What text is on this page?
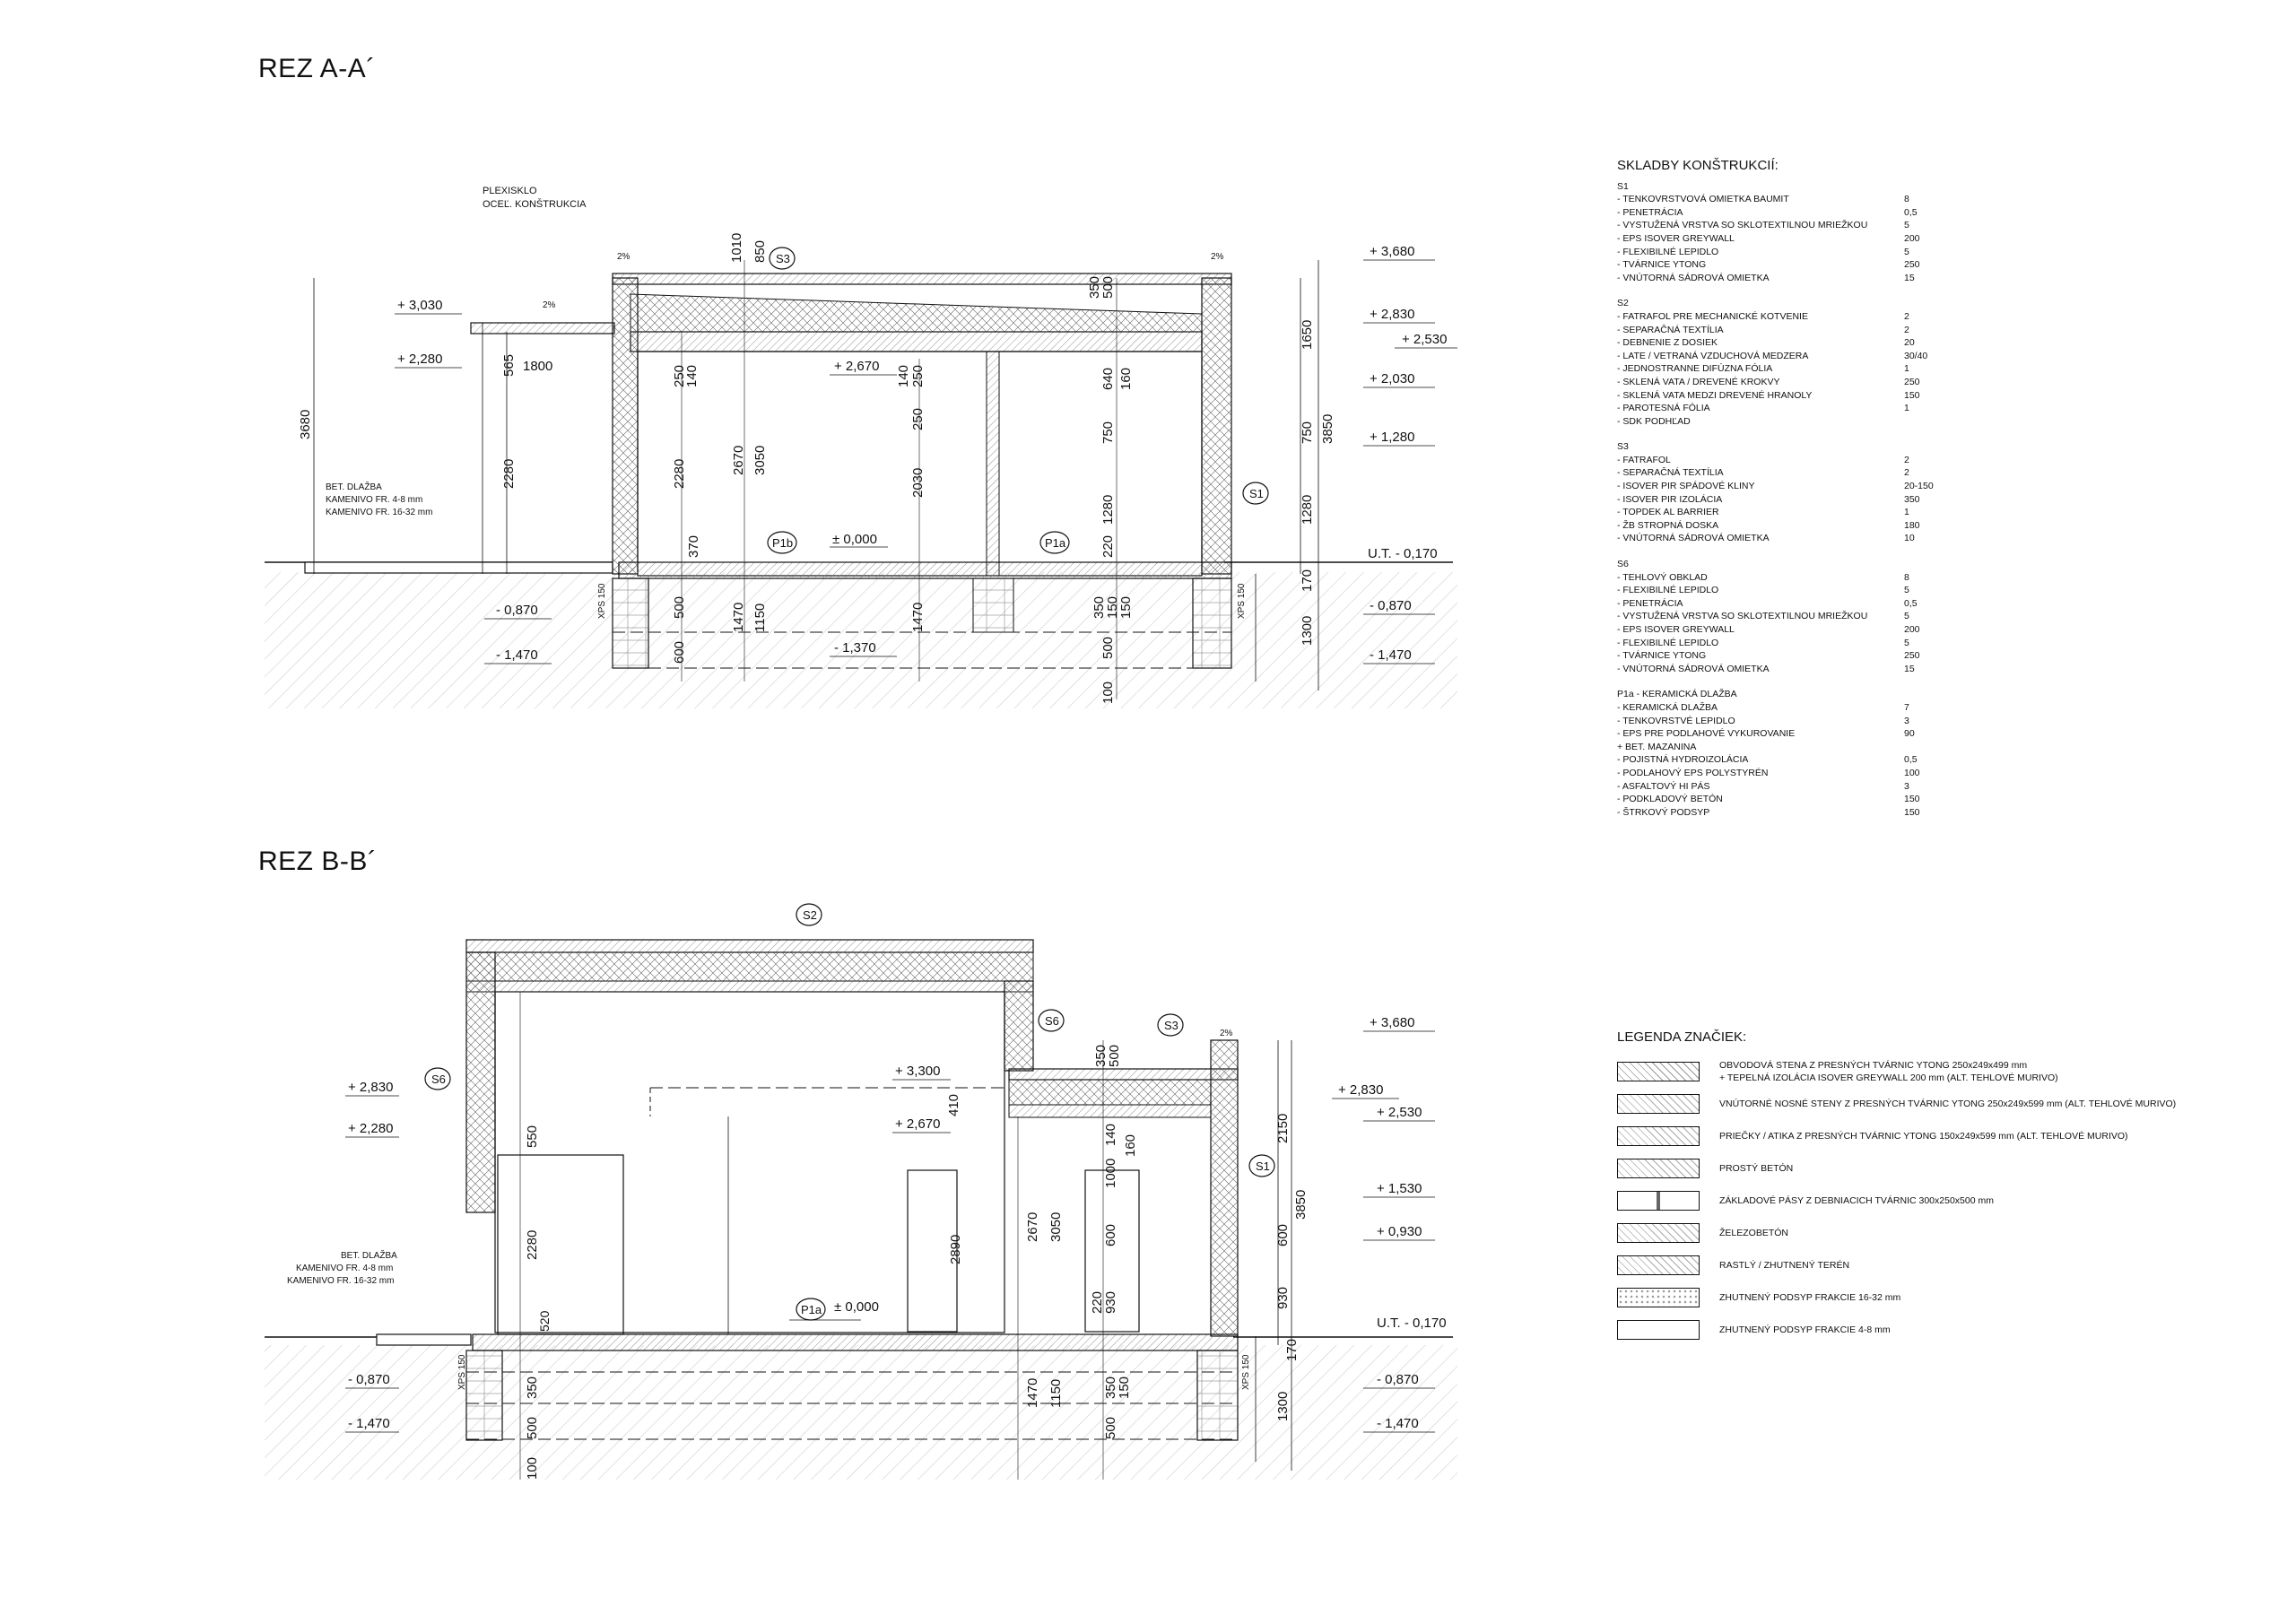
REZ A-A´
REZ B-B´
PLEXISKLO
OCEĽ. KONŠTRUKCIA
BET. DLAŽBA
KAMENIVO FR. 4-8 mm
KAMENIVO FR. 16-32 mm
U.T. - 0,170
± 0,000
S3
S1
P1b	P1a
2%
2%
2%
+ 3,030
+ 2,280
- 0,870
- 1,470
+ 3,680
+ 2,830
+ 2,530
+ 2,030
+ 1,280
- 0,870
- 1,470
+ 2,670
- 1,370
1800
3680
565
2280
1010 850
350
500
250
140
2280	2670 3050
140 250
250
2030
640 160
750
1280
220
370
500	1470 1150
600
1470	350
150
150
500
100
1650
750 3850
1280
170
1300
XPS 150	XPS 150
BET. DLAŽBA
KAMENIVO FR. 4-8 mm
KAMENIVO FR. 16-32 mm
U.T. - 0,170
± 0,000
S2
S6
S6	S3
S1
P1a
2%
+ 2,830
+ 2,280
- 0,870
- 1,470
+ 3,680
+ 2,830
+ 2,530
+ 1,530
+ 0,930
- 0,870
- 1,470
+ 3,300
+ 2,670
350
500
410
550
2280
520
350
500
100
2890
2670 3050
1470 1150
140 160
1000
600
220
930
350
150
500
2150
3850
600
930
170
1300
XPS 150	XPS 150
SKLADBY KONŠTRUKCIÍ:
S1
- TENKOVRSTVOVÁ OMIETKA BAUMIT	8
- PENETRÁCIA	0,5
- VYSTUŽENÁ VRSTVA SO SKLOTEXTILNOU MRIEŽKOU	5
- EPS ISOVER GREYWALL	200
- FLEXIBILNÉ LEPIDLO	5
- TVÁRNICE YTONG	250
- VNÚTORNÁ SÁDROVÁ OMIETKA	15
S2
- FATRAFOL PRE MECHANICKÉ KOTVENIE	2
- SEPARAČNÁ TEXTÍLIA	2
- DEBNENIE Z DOSIEK	20
- LATE / VETRANÁ VZDUCHOVÁ MEDZERA	30/40
- JEDNOSTRANNE DIFÚZNA FÓLIA	1
- SKLENÁ VATA / DREVENÉ KROKVY	250
- SKLENÁ VATA MEDZI DREVENÉ HRANOLY	150
- PAROTESNÁ FÓLIA	1
- SDK PODHĽAD
S3
- FATRAFOL	2
- SEPARAČNÁ TEXTÍLIA	2
- ISOVER PIR SPÁDOVÉ KLINY	20-150
- ISOVER PIR IZOLÁCIA	350
- TOPDEK AL BARRIER	1
- ŽB STROPNÁ DOSKA	180
- VNÚTORNÁ SÁDROVÁ OMIETKA	10
S6
- TEHLOVÝ OBKLAD	8
- FLEXIBILNÉ LEPIDLO	5
- PENETRÁCIA	0,5
- VYSTUŽENÁ VRSTVA SO SKLOTEXTILNOU MRIEŽKOU	5
- EPS ISOVER GREYWALL	200
- FLEXIBILNÉ LEPIDLO	5
- TVÁRNICE YTONG	250
- VNÚTORNÁ SÁDROVÁ OMIETKA	15
P1a - KERAMICKÁ DLAŽBA
- KERAMICKÁ DLAŽBA	7
- TENKOVRSTVÉ LEPIDLO	3
- EPS PRE PODLAHOVÉ VYKUROVANIE	90
+ BET. MAZANINA
- POJISTNÁ HYDROIZOLÁCIA	0,5
- PODLAHOVÝ EPS POLYSTYRÉN	100
- ASFALTOVÝ HI PÁS	3
- PODKLADOVÝ BETÓN	150
- ŠTRKOVÝ PODSYP	150
LEGENDA ZNAČIEK:
OBVODOVÁ STENA Z PRESNÝCH TVÁRNIC YTONG 250x249x499 mm
+ TEPELNÁ IZOLÁCIA ISOVER GREYWALL 200 mm (ALT. TEHLOVÉ MURIVO)
VNÚTORNÉ NOSNÉ STENY Z PRESNÝCH TVÁRNIC YTONG 250x249x599 mm (ALT. TEHLOVÉ MURIVO)
PRIEČKY / ATIKA Z PRESNÝCH TVÁRNIC YTONG 150x249x599 mm (ALT. TEHLOVÉ MURIVO)
PROSTÝ BETÓN
ZÁKLADOVÉ PÁSY Z DEBNIACICH TVÁRNIC 300x250x500 mm
ŽELEZOBETÓN
RASTLÝ / ZHUTNENÝ TERÉN
ZHUTNENÝ PODSYP FRAKCIE 16-32 mm
ZHUTNENÝ PODSYP FRAKCIE 4-8 mm
